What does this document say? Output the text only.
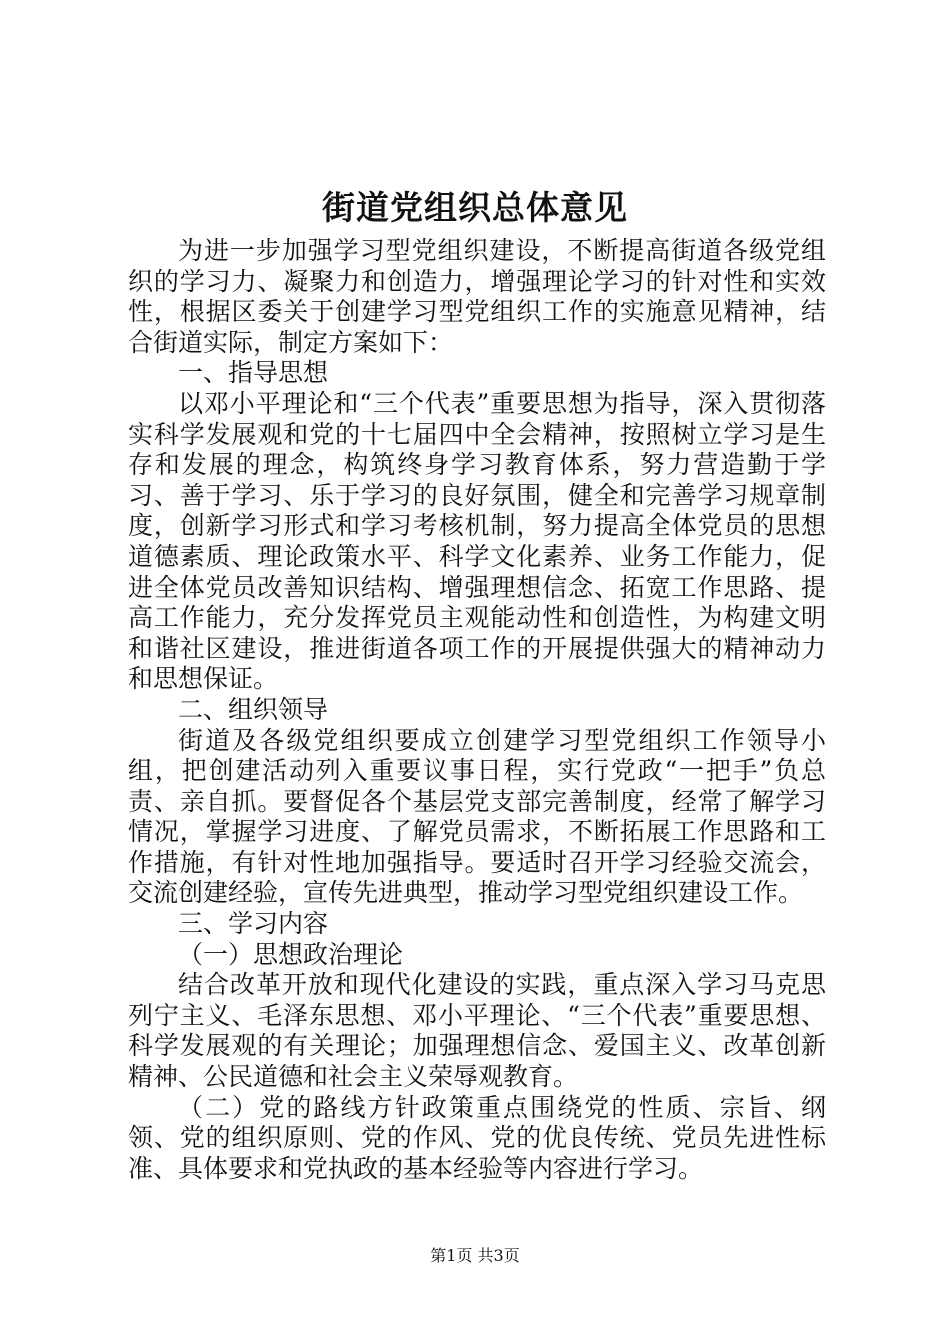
街道党组织总体意见

为进一步加强学习型党组织建设，不断提高街道各级党组织的学习力、凝聚力和创造力，增强理论学习的针对性和实效性，根据区委关于创建学习型党组织工作的实施意见精神，结合街道实际，制定方案如下：

一、指导思想

以邓小平理论和“三个代表”重要思想为指导，深入贯彻落实科学发展观和党的十七届四中全会精神，按照树立学习是生存和发展的理念，构筑终身学习教育体系，努力营造勤于学习、善于学习、乐于学习的良好氛围，健全和完善学习规章制度，创新学习形式和学习考核机制，努力提高全体党员的思想道德素质、理论政策水平、科学文化素养、业务工作能力，促进全体党员改善知识结构、增强理想信念、拓宽工作思路、提高工作能力，充分发挥党员主观能动性和创造性，为构建文明和谐社区建设，推进街道各项工作的开展提供强大的精神动力和思想保证。

二、组织领导

街道及各级党组织要成立创建学习型党组织工作领导小组，把创建活动列入重要议事日程，实行党政“一把手”负总责、亲自抓。要督促各个基层党支部完善制度，经常了解学习情况，掌握学习进度、了解党员需求，不断拓展工作思路和工作措施，有针对性地加强指导。要适时召开学习经验交流会，交流创建经验，宣传先进典型，推动学习型党组织建设工作。

三、学习内容

（一）思想政治理论

结合改革开放和现代化建设的实践，重点深入学习马克思列宁主义、毛泽东思想、邓小平理论、“三个代表”重要思想、科学发展观的有关理论；加强理想信念、爱国主义、改革创新精神、公民道德和社会主义荣辱观教育。

（二）党的路线方针政策重点围绕党的性质、宗旨、纲领、党的组织原则、党的作风、党的优良传统、党员先进性标准、具体要求和党执政的基本经验等内容进行学习。

第1页 共3页
